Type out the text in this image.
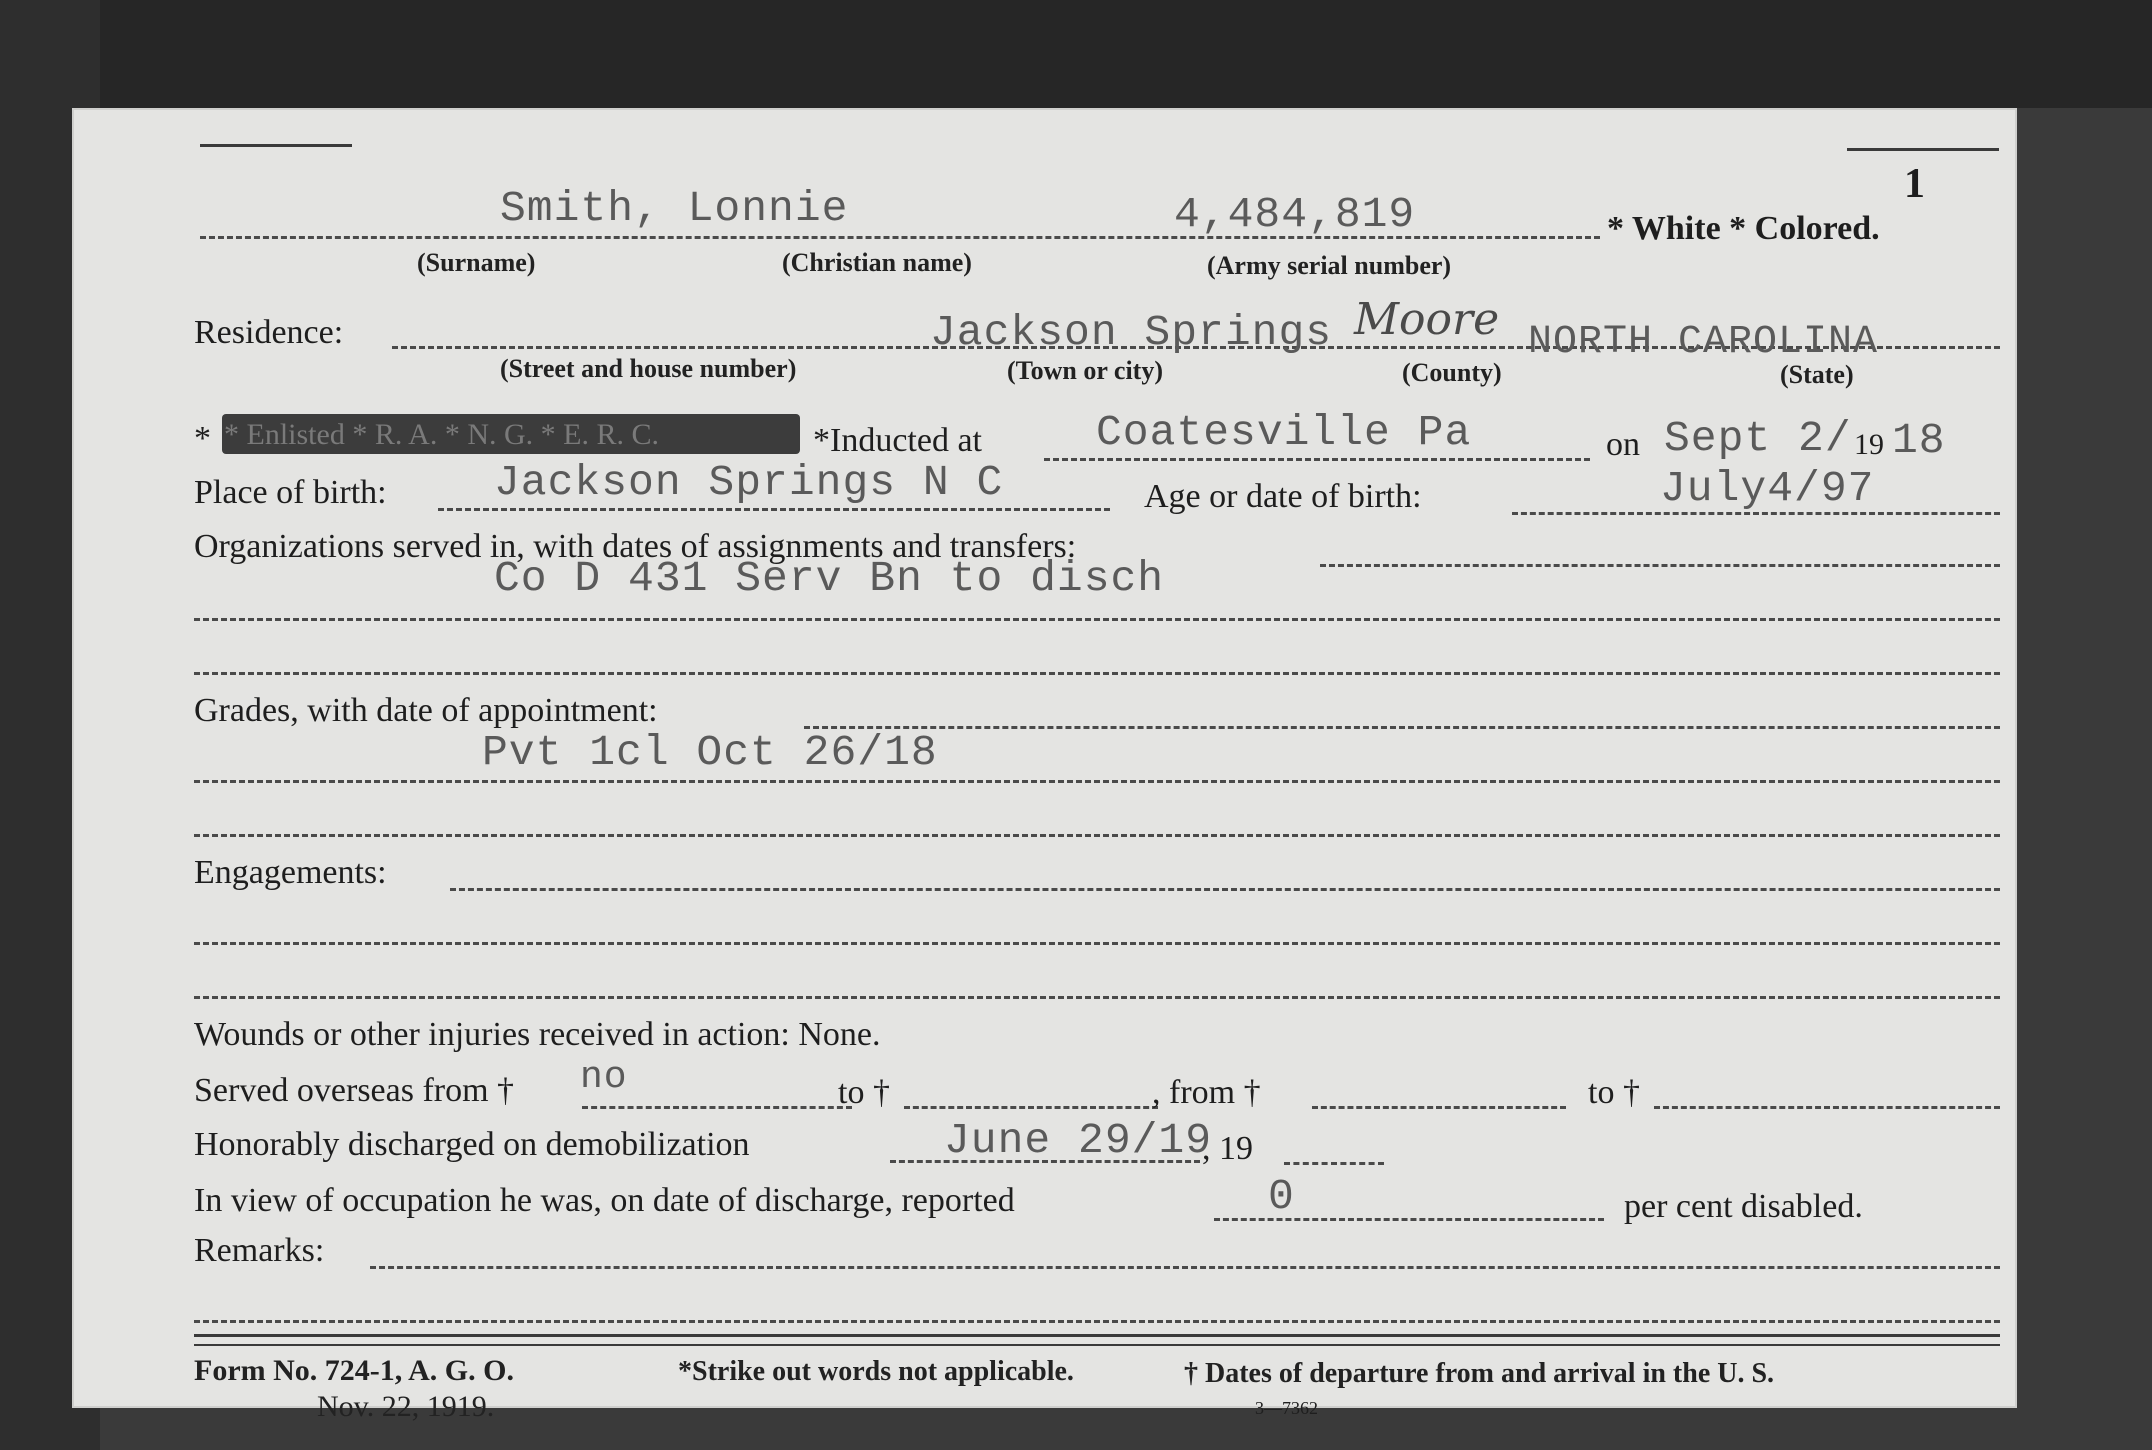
1
Smith, Lonnie	4,484,819	* White * Colored.
(Surname)	(Christian name)	(Army serial number)
Residence:	Jackson Springs Moore NORTH CAROLINA
(Street and house number)	(Town or city)	(County)	(State)
* * Enlisted * R. A. * N. G. * E. R. C.	*Inducted at	Coatesville Pa	on Sept 2/ 19 18
Place of birth: Jackson Springs N C	Age or date of birth:	July4/97
Organizations served in, with dates of assignments and transfers:
Co D 431 Serv Bn to disch
Grades, with date of appointment:
Pvt 1cl Oct 26/18
Engagements:
Wounds or other injuries received in action: None.
Served overseas from † no	to †	, from †	to †
Honorably discharged on demobilization	June 29/19
, 19
In view of occupation he was, on date of discharge, reported	0	per cent disabled.
Remarks:
Form No. 724-1, A. G. O.
Nov. 22, 1919.
*Strike out words not applicable.	† Dates of departure from and arrival in the U. S.
3—7362
